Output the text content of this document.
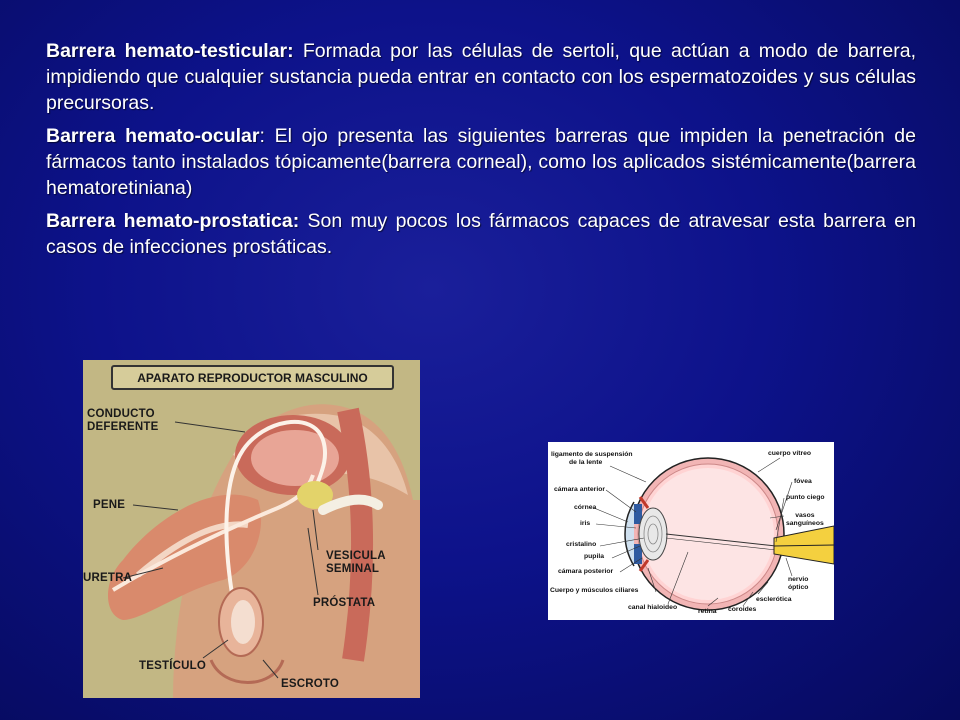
Barrera hemato-testicular: Formada por las células de sertoli, que actúan a modo de barrera, impidiendo que cualquier sustancia pueda entrar en contacto con los espermatozoides y sus células precursoras.

Barrera hemato-ocular: El ojo presenta las siguientes barreras que impiden la penetración de fármacos tanto instalados tópicamente(barrera corneal), como los aplicados sistémicamente(barrera hematoretiniana)

Barrera hemato-prostatica: Son muy pocos los fármacos capaces de atravesar esta barrera en casos de infecciones prostáticas.

APARATO REPRODUCTOR MASCULINO
CONDUCTO
DEFERENTE
PENE
URETRA
VESICULA
SEMINAL
PRÓSTATA
TESTÍCULO
ESCROTO
ligamento de suspensión
de la lente
cámara anterior
córnea
iris
cristalino
pupila
cámara posterior
Cuerpo y músculos ciliares
canal hialoideo
retina coroides
esclerótica
nervio
óptico
cuerpo vítreo
fóvea
punto ciego
vasos
sanguíneos
